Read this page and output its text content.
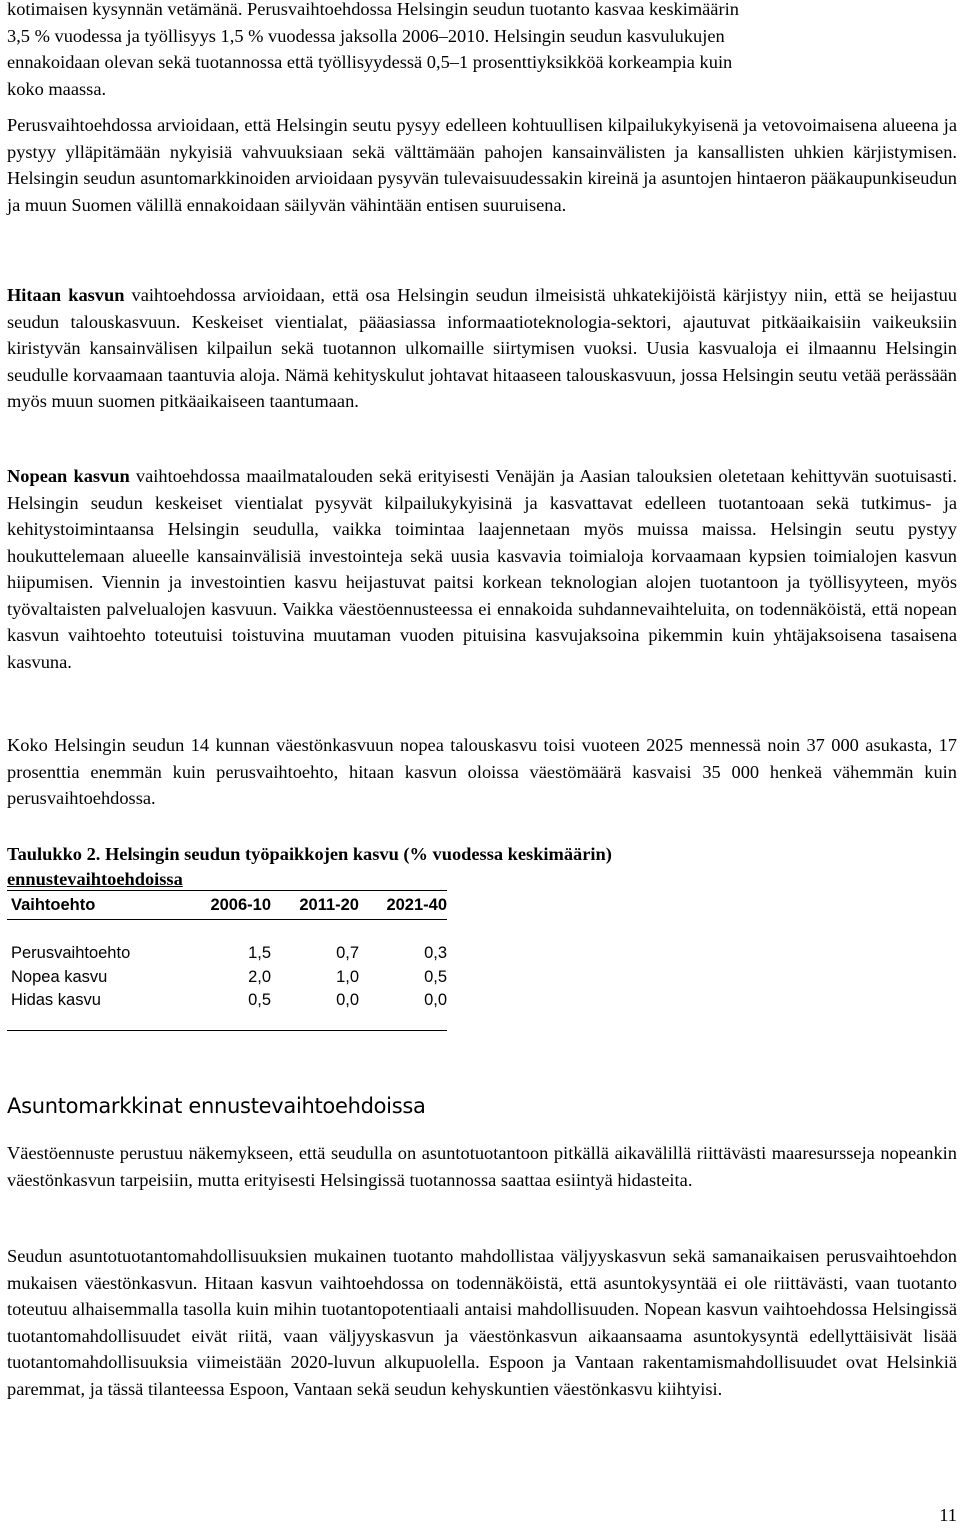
kotimaisen kysynnän vetämänä. Perusvaihtoehdossa Helsingin seudun tuotanto kasvaa keskimäärin
3,5 % vuodessa ja työllisyys 1,5 % vuodessa jaksolla 2006–2010. Helsingin seudun kasvulukujen
ennakoidaan olevan sekä tuotannossa että työllisyydessä 0,5–1 prosenttiyksikköä korkeampia kuin
koko maassa.

Perusvaihtoehdossa arvioidaan, että Helsingin seutu pysyy edelleen kohtuullisen kilpailukykyisenä ja vetovoimaisena alueena ja pystyy ylläpitämään nykyisiä vahvuuksiaan sekä välttämään pahojen kansainvälisten ja kansallisten uhkien kärjistymisen. Helsingin seudun asuntomarkkinoiden arvioidaan pysyvän tulevaisuudessakin kireinä ja asuntojen hintaeron pääkaupunkiseudun ja muun Suomen välillä ennakoidaan säilyvän vähintään entisen suuruisena.

Hitaan kasvun vaihtoehdossa arvioidaan, että osa Helsingin seudun ilmeisistä uhkatekijöistä kärjistyy niin, että se heijastuu seudun talouskasvuun. Keskeiset vientialat, pääasiassa informaatioteknologia-sektori, ajautuvat pitkäaikaisiin vaikeuksiin kiristyvän kansainvälisen kilpailun sekä tuotannon ulkomaille siirtymisen vuoksi. Uusia kasvualoja ei ilmaannu Helsingin seudulle korvaamaan taantuvia aloja. Nämä kehityskulut johtavat hitaaseen talouskasvuun, jossa Helsingin seutu vetää perässään myös muun suomen pitkäaikaiseen taantumaan.

Nopean kasvun vaihtoehdossa maailmatalouden sekä erityisesti Venäjän ja Aasian talouksien oletetaan kehittyvän suotuisasti. Helsingin seudun keskeiset vientialat pysyvät kilpailukykyisinä ja kasvattavat edelleen tuotantoaan sekä tutkimus- ja kehitystoimintaansa Helsingin seudulla, vaikka toimintaa laajennetaan myös muissa maissa. Helsingin seutu pystyy houkuttelemaan alueelle kansainvälisiä investointeja sekä uusia kasvavia toimialoja korvaamaan kypsien toimialojen kasvun hiipumisen. Viennin ja investointien kasvu heijastuvat paitsi korkean teknologian alojen tuotantoon ja työllisyyteen, myös työvaltaisten palvelualojen kasvuun. Vaikka väestöennusteessa ei ennakoida suhdannevaihteluita, on todennäköistä, että nopean kasvun vaihtoehto toteutuisi toistuvina muutaman vuoden pituisina kasvujaksoina pikemmin kuin yhtäjaksoisena tasaisena kasvuna.

Koko Helsingin seudun 14 kunnan väestönkasvuun nopea talouskasvu toisi vuoteen 2025 mennessä noin 37 000 asukasta, 17 prosenttia enemmän kuin perusvaihtoehto, hitaan kasvun oloissa väestömäärä kasvaisi 35 000 henkeä vähemmän kuin perusvaihtoehdossa.

Taulukko 2. Helsingin seudun työpaikkojen kasvu (% vuodessa keskimäärin)
ennustevaihtoehdoissa
Vaihtoehto	2006-10	2011-20	2021-40
Perusvaihtoehto	1,5	0,7	0,3
Nopea kasvu	2,0	1,0	0,5
Hidas kasvu	0,5	0,0	0,0
Asuntomarkkinat ennustevaihtoehdoissa

Väestöennuste perustuu näkemykseen, että seudulla on asuntotuotantoon pitkällä aikavälillä riittävästi maaresursseja nopeankin väestönkasvun tarpeisiin, mutta erityisesti Helsingissä tuotannossa saattaa esiintyä hidasteita.

Seudun asuntotuotantomahdollisuuksien mukainen tuotanto mahdollistaa väljyyskasvun sekä samanaikaisen perusvaihtoehdon mukaisen väestönkasvun. Hitaan kasvun vaihtoehdossa on todennäköistä, että asuntokysyntää ei ole riittävästi, vaan tuotanto toteutuu alhaisemmalla tasolla kuin mihin tuotantopotentiaali antaisi mahdollisuuden. Nopean kasvun vaihtoehdossa Helsingissä tuotantomahdollisuudet eivät riitä, vaan väljyyskasvun ja väestönkasvun aikaansaama asuntokysyntä edellyttäisivät lisää tuotantomahdollisuuksia viimeistään 2020-luvun alkupuolella. Espoon ja Vantaan rakentamismahdollisuudet ovat Helsinkiä paremmat, ja tässä tilanteessa Espoon, Vantaan sekä seudun kehyskuntien väestönkasvu kiihtyisi.

11
